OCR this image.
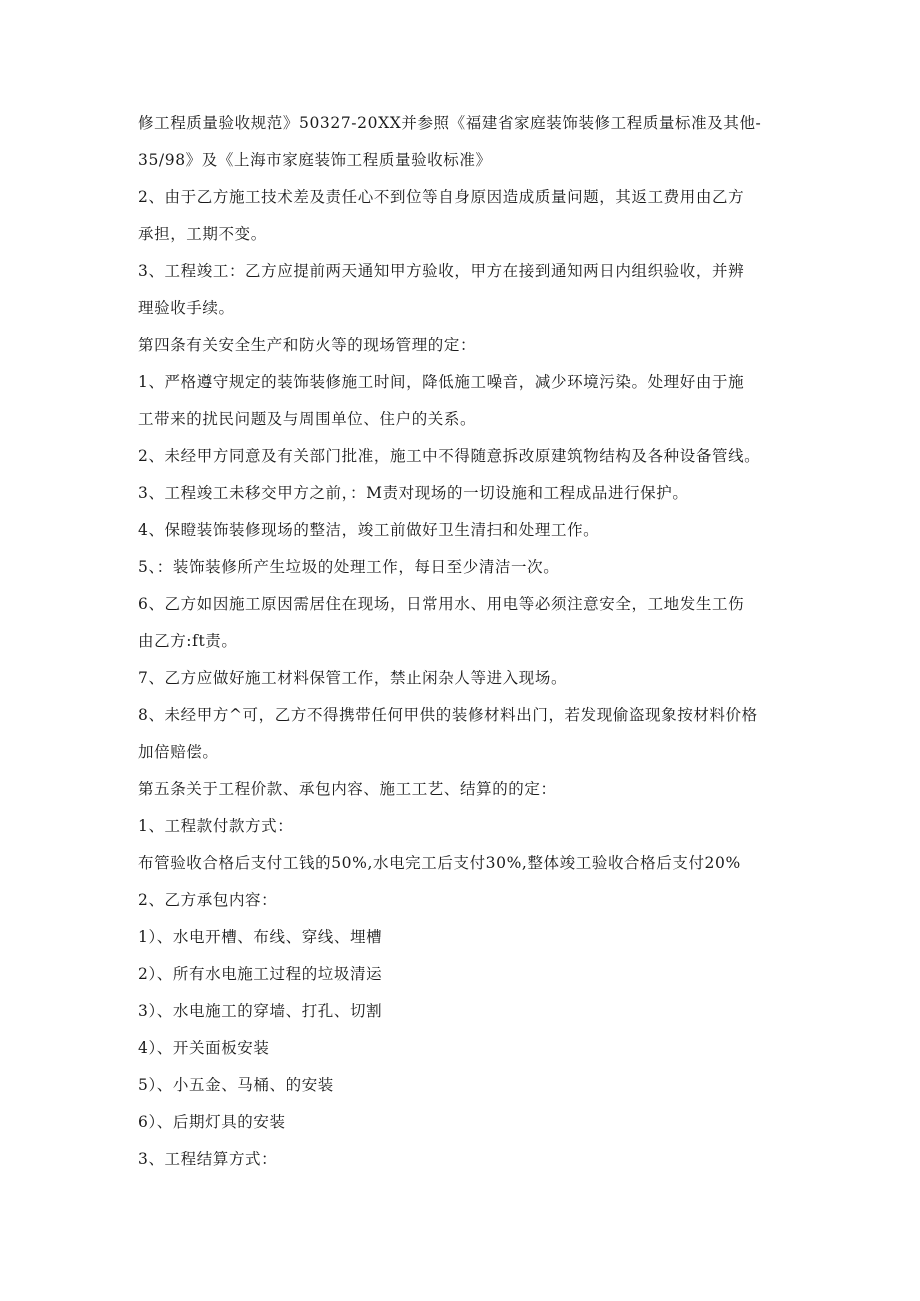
修工程质量验收规范》50327-20XX并参照《福建省家庭装饰装修工程质量标准及其他-
35/98》及《上海市家庭装饰工程质量验收标准》
2、由于乙方施工技术差及责任心不到位等自身原因造成质量问题，其返工费用由乙方
承担，工期不变。
3、工程竣工：乙方应提前两天通知甲方验收，甲方在接到通知两日内组织验收，并辨
理验收手续。
第四条有关安全生产和防火等的现场管理的定：
1、严格遵守规定的装饰装修施工时间，降低施工噪音，减少环境污染。处理好由于施
工带来的扰民问题及与周围单位、住户的关系。
2、未经甲方同意及有关部门批准，施工中不得随意拆改原建筑物结构及各种设备管线。
3、工程竣工未移交甲方之前，：M责对现场的一切设施和工程成品进行保护。
4、保瞪装饰装修现场的整洁，竣工前做好卫生清扫和处理工作。
5、：装饰装修所产生垃圾的处理工作，每日至少清洁一次。
6、乙方如因施工原因需居住在现场，日常用水、用电等必须注意安全，工地发生工伤
由乙方:ft责。
7、乙方应做好施工材料保管工作，禁止闲杂人等进入现场。
8、未经甲方^可，乙方不得携带任何甲供的装修材料出门，若发现偷盗现象按材料价格
加倍赔偿。
第五条关于工程价款、承包内容、施工工艺、结算的的定：
1、工程款付款方式：
布管验收合格后支付工钱的50%,水电完工后支付30%,整体竣工验收合格后支付20%
2、乙方承包内容：
1）、水电开槽、布线、穿线、埋槽
2）、所有水电施工过程的垃圾清运
3）、水电施工的穿墙、打孔、切割
4）、开关面板安装
5）、小五金、马桶、的安装
6）、后期灯具的安装
3、工程结算方式：
